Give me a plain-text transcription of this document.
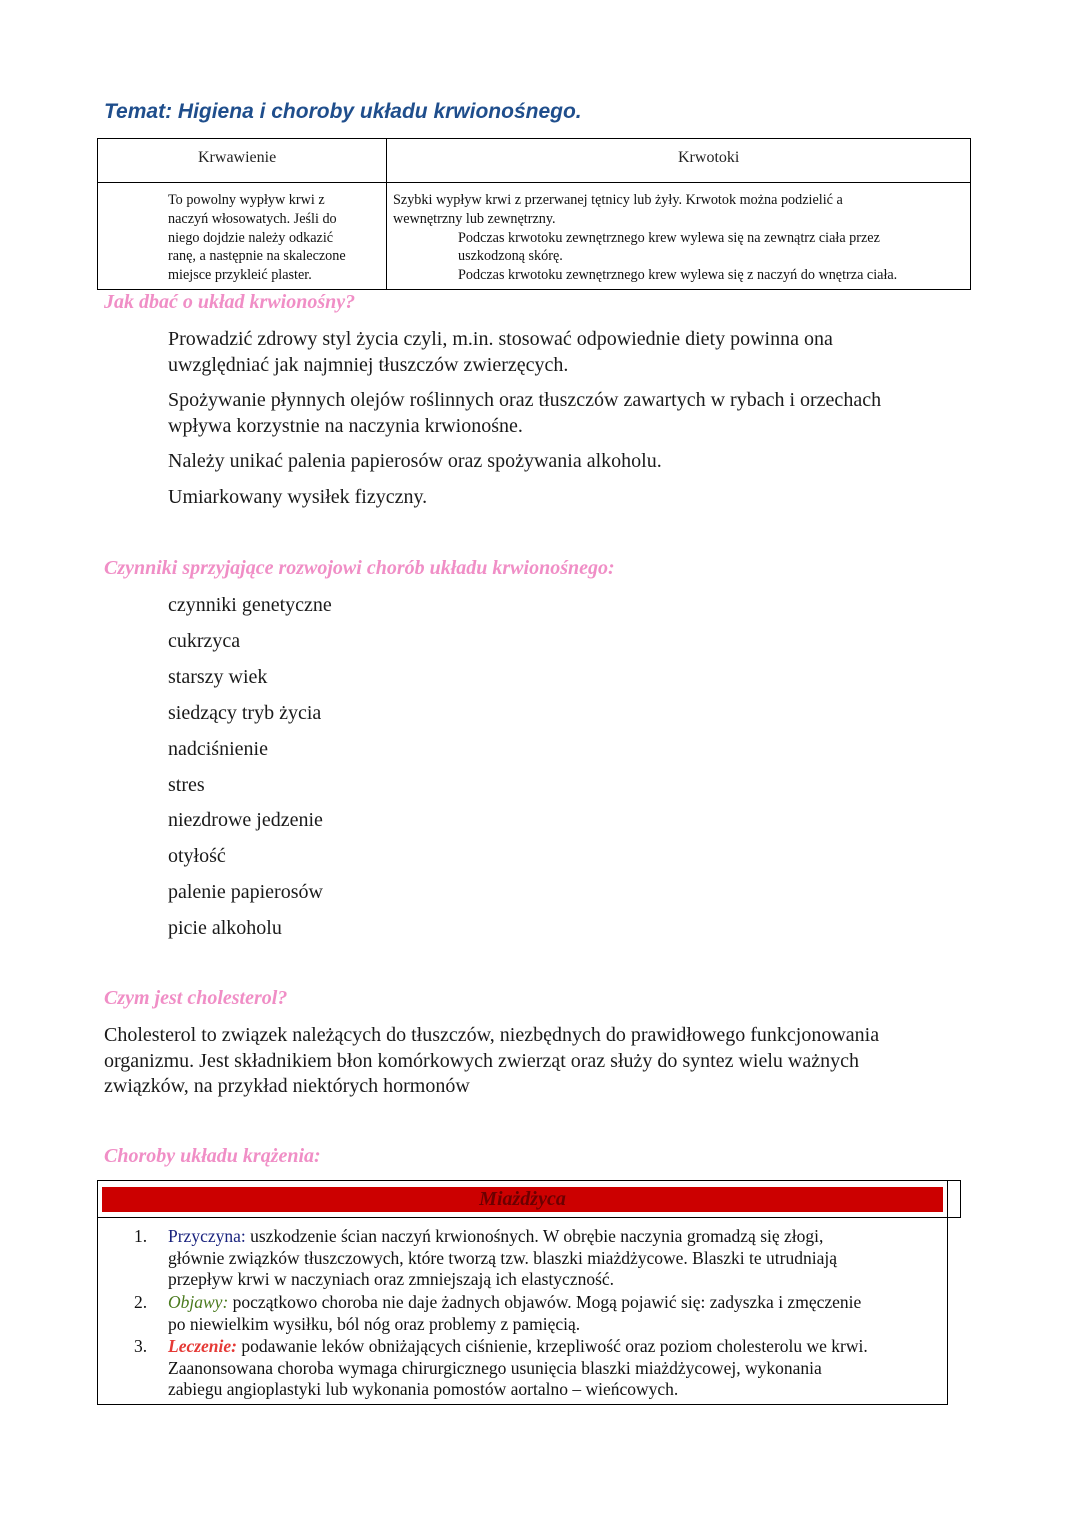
Temat: Higiena i choroby układu krwionośnego.
Krwawienie	Krwotoki
To powolny wypływ krwi z
naczyń włosowatych. Jeśli do
niego dojdzie należy odkazić
ranę, a następnie na skaleczone
miejsce przykleić plaster.
Szybki wypływ krwi z przerwanej tętnicy lub żyły. Krwotok można podzielić a
wewnętrzny lub zewnętrzny.
Podczas krwotoku zewnętrznego krew wylewa się na zewnątrz ciała przez
uszkodzoną skórę.
Podczas krwotoku zewnętrznego krew wylewa się z naczyń do wnętrza ciała.
Jak dbać o układ krwionośny?
Prowadzić zdrowy styl życia czyli, m.in. stosować odpowiednie diety powinna ona
uwzględniać jak najmniej tłuszczów zwierzęcych.
Spożywanie płynnych olejów roślinnych oraz tłuszczów zawartych w rybach i orzechach
wpływa korzystnie na naczynia krwionośne.
Należy unikać palenia papierosów oraz spożywania alkoholu.
Umiarkowany wysiłek fizyczny.
Czynniki sprzyjające rozwojowi chorób układu krwionośnego:
czynniki genetyczne
cukrzyca
starszy wiek
siedzący tryb życia
nadciśnienie
stres
niezdrowe jedzenie
otyłość
palenie papierosów
picie alkoholu
Czym jest cholesterol?
Cholesterol to związek należących do tłuszczów, niezbędnych do prawidłowego funkcjonowania
organizmu. Jest składnikiem błon komórkowych zwierząt oraz służy do syntez wielu ważnych
związków, na przykład niektórych hormonów
Choroby układu krążenia:
Miażdżyca
1. Przyczyna: uszkodzenie ścian naczyń krwionośnych. W obrębie naczynia gromadzą się złogi,
głównie związków tłuszczowych, które tworzą tzw. blaszki miażdżycowe. Blaszki te utrudniają
przepływ krwi w naczyniach oraz zmniejszają ich elastyczność.
2. Objawy: początkowo choroba nie daje żadnych objawów. Mogą pojawić się: zadyszka i zmęczenie
po niewielkim wysiłku, ból nóg oraz problemy z pamięcią.
3. Leczenie: podawanie leków obniżających ciśnienie, krzepliwość oraz poziom cholesterolu we krwi.
Zaanonsowana choroba wymaga chirurgicznego usunięcia blaszki miażdżycowej, wykonania
zabiegu angioplastyki lub wykonania pomostów aortalno – wieńcowych.
